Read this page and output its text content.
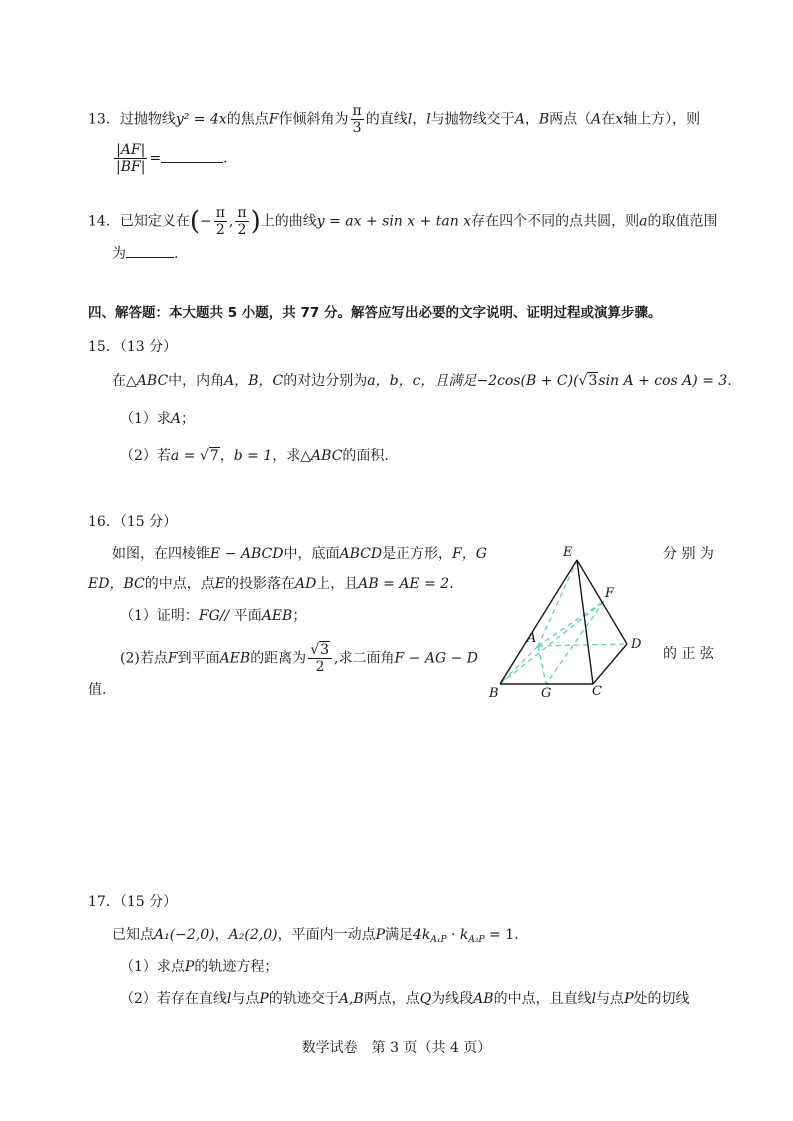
13．过抛物线y² = 4x的焦点F作倾斜角为 $\frac{\pi}{3}$ 的直线l，l与抛物线交于A，B两点（A在x轴上方），则
$\frac{|AF|}{|BF|}$ =	.
14．已知定义在(− $\frac{\pi}{2}$ , $\frac{\pi}{2}$ )上的曲线y = ax + sin x + tan x存在四个不同的点共圆，则a的取值范围
为	.
四、解答题：本大题共 5 小题，共 77 分。解答应写出必要的文字说明、证明过程或演算步骤。
15．（13 分）
在△ABC中，内角A，B，C的对边分别为a，b，c，且满足−2cos(B + C)(√3sin A + cos A) = 3.
（1）求A；
（2）若a = √7，b = 1，求△ABC的面积.
16．（15 分）
如图，在四棱锥E − ABCD中，底面ABCD是正方形，F，G	分 别 为
ED，BC的中点，点E的投影落在AD上，且AB = AE = 2.
（1）证明：FG// 平面AEB；
(2)若点F到平面AEB的距离为 $\frac{√3}{2}$ ,求二面角F − AG − D	的 正 弦
值.
E
F
A	D
B	G	C
17．（15 分）
已知点A₁(−2,0)，A₂(2,0)，平面内一动点P满足$4k_{A_1P} \cdot k_{A_2P} = 1$.
（1）求点P的轨迹方程；
（2）若存在直线l与点P的轨迹交于A,B两点，点Q为线段AB的中点，且直线l与点P处的切线
数学试卷　第 3 页（共 4 页）
